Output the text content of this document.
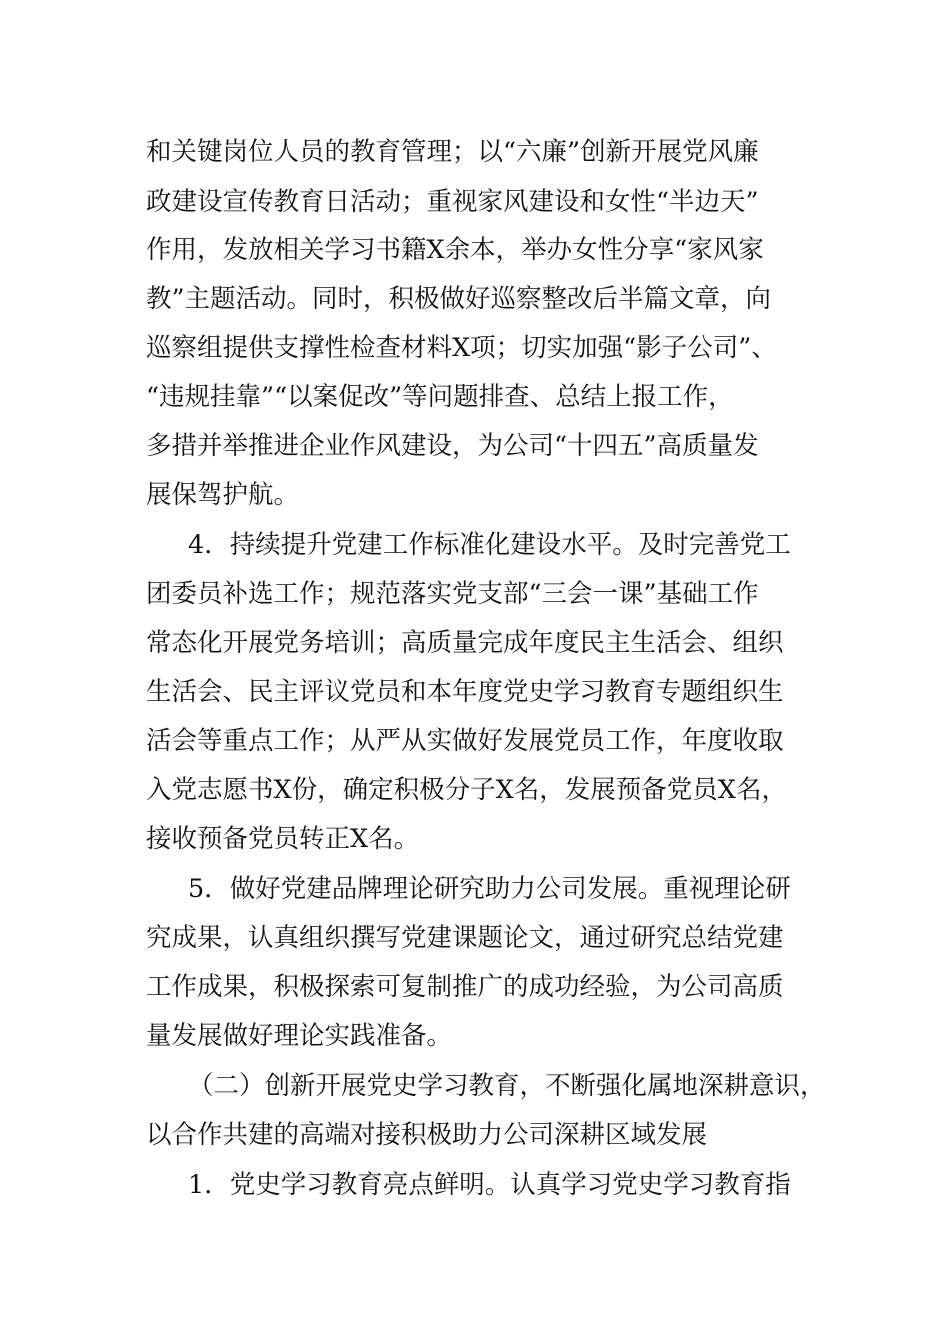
和关键岗位人员的教育管理；以“六廉”创新开展党风廉
政建设宣传教育日活动；重视家风建设和女性“半边天”
作用，发放相关学习书籍X余本，举办女性分享“家风家
教”主题活动。同时，积极做好巡察整改后半篇文章，向
巡察组提供支撑性检查材料X项；切实加强“影子公司”、
“违规挂靠”“以案促改”等问题排查、总结上报工作，
多措并举推进企业作风建设，为公司“十四五”高质量发
展保驾护航。
4．持续提升党建工作标准化建设水平。及时完善党工
团委员补选工作；规范落实党支部“三会一课”基础工作
常态化开展党务培训；高质量完成年度民主生活会、组织
生活会、民主评议党员和本年度党史学习教育专题组织生
活会等重点工作；从严从实做好发展党员工作，年度收取
入党志愿书X份，确定积极分子X名，发展预备党员X名，
接收预备党员转正X名。
5．做好党建品牌理论研究助力公司发展。重视理论研
究成果，认真组织撰写党建课题论文，通过研究总结党建
工作成果，积极探索可复制推广的成功经验，为公司高质
量发展做好理论实践准备。
（二）创新开展党史学习教育，不断强化属地深耕意识，
以合作共建的高端对接积极助力公司深耕区域发展
1．党史学习教育亮点鲜明。认真学习党史学习教育指
